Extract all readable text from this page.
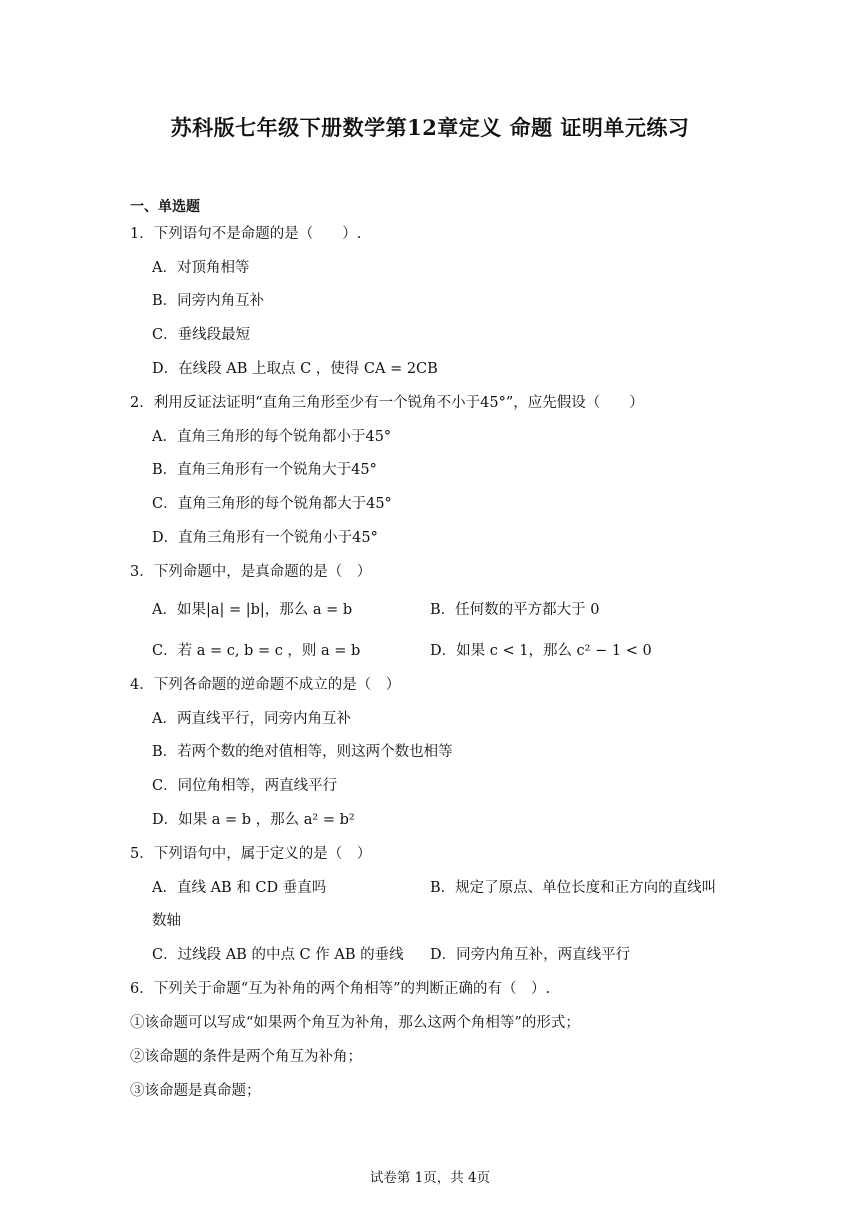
苏科版七年级下册数学第12章定义 命题 证明单元练习
一、单选题
1．下列语句不是命题的是（　　）.
A．对顶角相等
B．同旁内角互补
C．垂线段最短
D．在线段 AB 上取点 C ，使得 CA = 2CB
2．利用反证法证明“直角三角形至少有一个锐角不小于45°”，应先假设（　　）
A．直角三角形的每个锐角都小于45°
B．直角三角形有一个锐角大于45°
C．直角三角形的每个锐角都大于45°
D．直角三角形有一个锐角小于45°
3．下列命题中，是真命题的是（　）
A．如果|a| = |b|，那么 a = b	B．任何数的平方都大于 0
C．若 a = c, b = c ，则 a = b	D．如果 c < 1，那么 c² − 1 < 0
4．下列各命题的逆命题不成立的是（　）
A．两直线平行，同旁内角互补
B．若两个数的绝对值相等，则这两个数也相等
C．同位角相等，两直线平行
D．如果 a = b ，那么 a² = b²
5．下列语句中，属于定义的是（　）
A．直线 AB 和 CD 垂直吗	B．规定了原点、单位长度和正方向的直线叫
数轴
C．过线段 AB 的中点 C 作 AB 的垂线 D．同旁内角互补，两直线平行
6．下列关于命题“互为补角的两个角相等”的判断正确的有（　）.
①该命题可以写成“如果两个角互为补角，那么这两个角相等”的形式；
②该命题的条件是两个角互为补角；
③该命题是真命题；
试卷第 1页，共 4页
